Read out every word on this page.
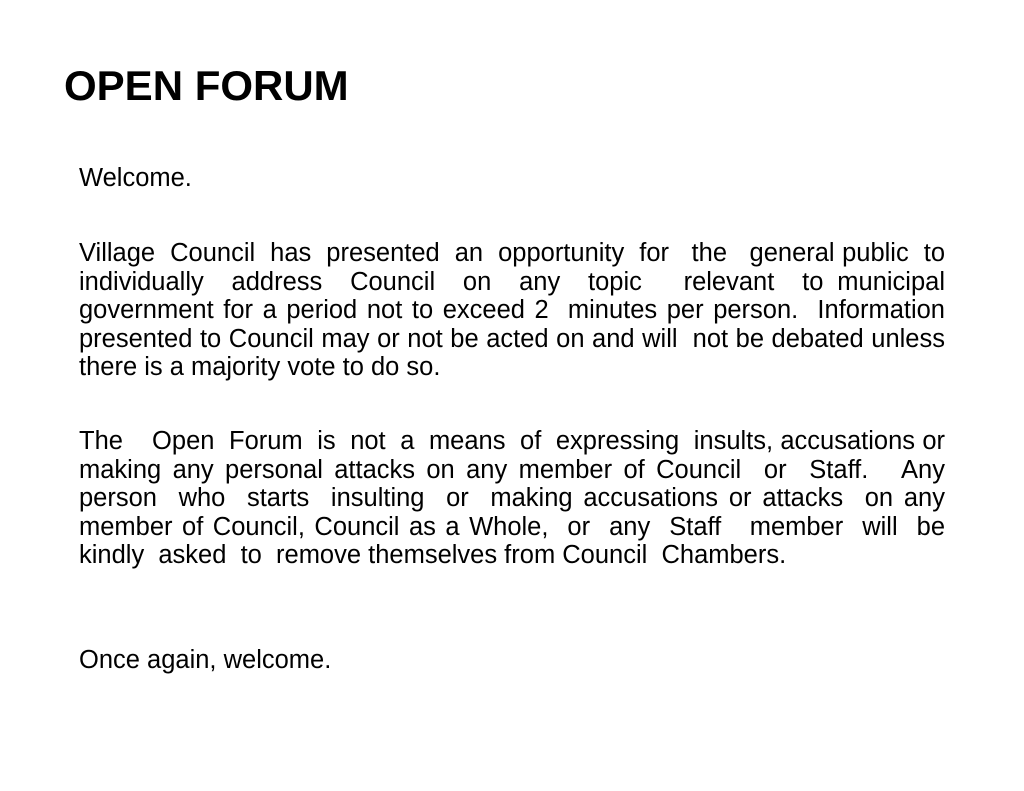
OPEN FORUM

Welcome.

Village  Council  has  presented  an  opportunity  for   the   general public  to  individually  address  Council  on  any  topic   relevant  to municipal government for a period not to exceed 2  minutes per person.  Information presented to Council may or not be acted on and will  not be debated unless there is a majority vote to do so.

The    Open  Forum  is  not  a  means  of  expressing  insults, accusations or  making any personal attacks on any member of Council  or  Staff.   Any  person  who  starts  insulting  or  making accusations or attacks  on any member of Council, Council as a Whole,  or  any  Staff   member  will  be  kindly  asked  to  remove themselves from Council  Chambers.

Once again, welcome.
